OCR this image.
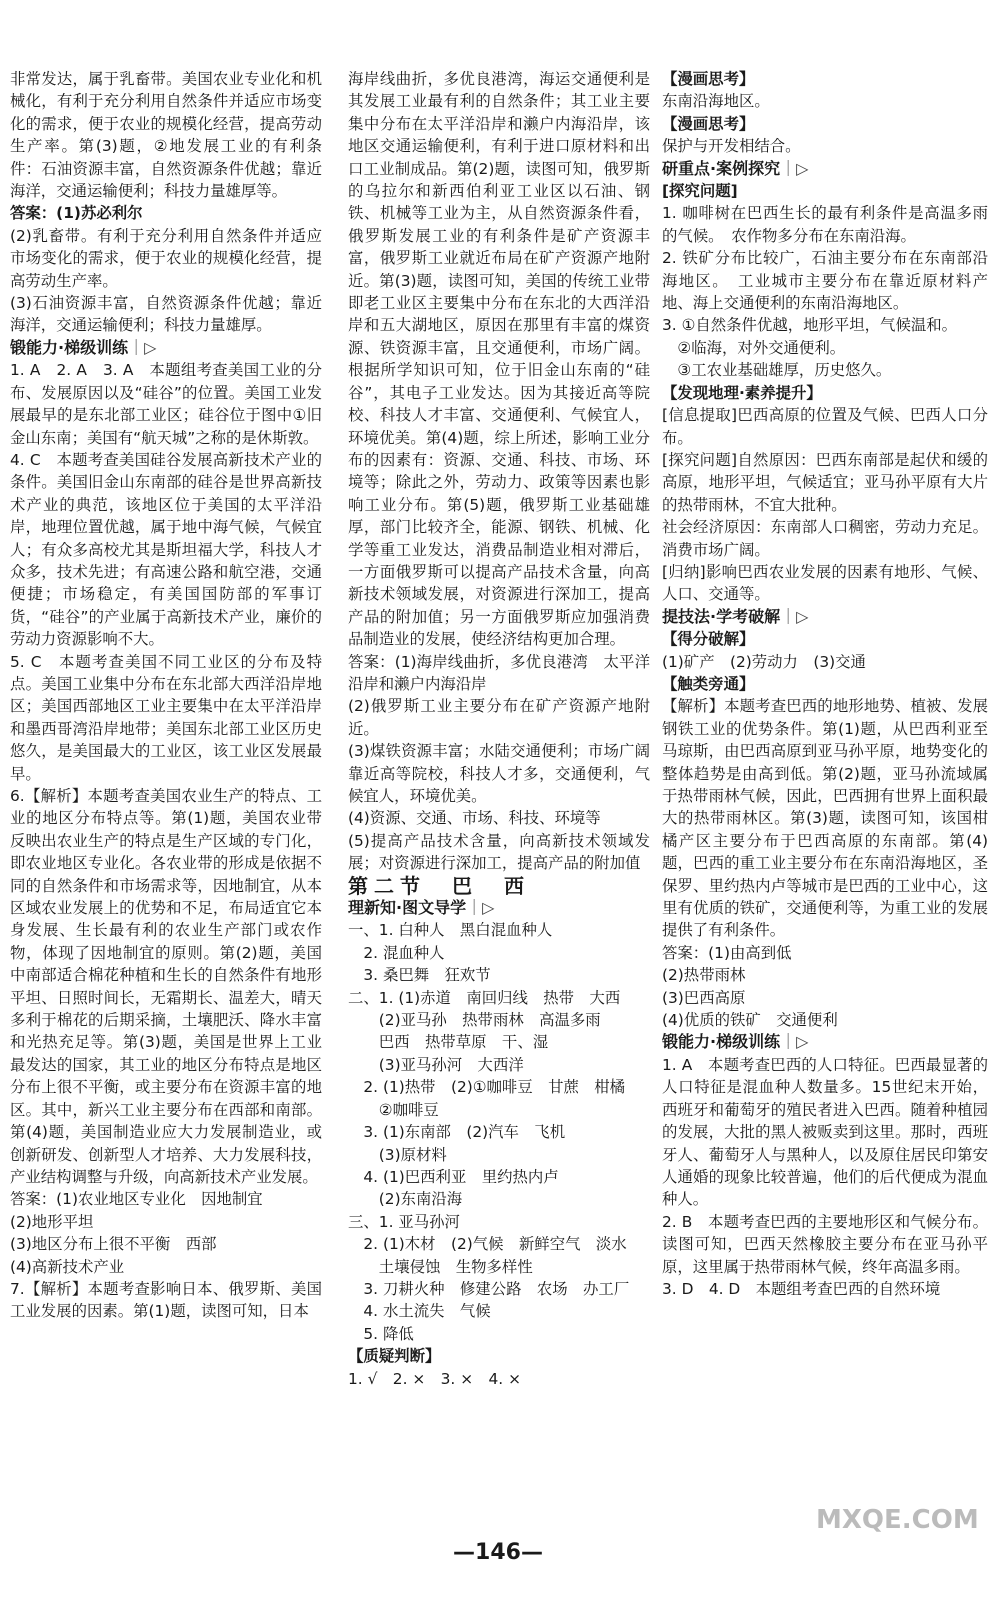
非常发达，属于乳畜带。美国农业专业化和机械化，有利于充分利用自然条件并适应市场变化的需求，便于农业的规模化经营，提高劳动生产率。第(3)题，②地发展工业的有利条件：石油资源丰富，自然资源条件优越；靠近海洋，交通运输便利；科技力量雄厚等。

答案：(1)苏必利尔

(2)乳畜带。有利于充分利用自然条件并适应市场变化的需求，便于农业的规模化经营，提高劳动生产率。

(3)石油资源丰富，自然资源条件优越；靠近海洋，交通运输便利；科技力量雄厚。

锻能力·梯级训练｜▷

1. A　2. A　3. A　本题组考查美国工业的分布、发展原因以及“硅谷”的位置。美国工业发展最早的是东北部工业区；硅谷位于图中①旧金山东南；美国有“航天城”之称的是休斯敦。

4. C　本题考查美国硅谷发展高新技术产业的条件。美国旧金山东南部的硅谷是世界高新技术产业的典范，该地区位于美国的太平洋沿岸，地理位置优越，属于地中海气候，气候宜人；有众多高校尤其是斯坦福大学，科技人才众多，技术先进；有高速公路和航空港，交通便捷；市场稳定，有美国国防部的军事订货，“硅谷”的产业属于高新技术产业，廉价的劳动力资源影响不大。

5. C　本题考查美国不同工业区的分布及特点。美国工业集中分布在东北部大西洋沿岸地区；美国西部地区工业主要集中在太平洋沿岸和墨西哥湾沿岸地带；美国东北部工业区历史悠久，是美国最大的工业区，该工业区发展最早。

6.【解析】本题考查美国农业生产的特点、工业的地区分布特点等。第(1)题，美国农业带反映出农业生产的特点是生产区域的专门化，即农业地区专业化。各农业带的形成是依据不同的自然条件和市场需求等，因地制宜，从本区域农业发展上的优势和不足，布局适宜它本身发展、生长最有利的农业生产部门或农作物，体现了因地制宜的原则。第(2)题，美国中南部适合棉花种植和生长的自然条件有地形平坦、日照时间长，无霜期长、温差大，晴天多利于棉花的后期采摘，土壤肥沃、降水丰富和光热充足等。第(3)题，美国是世界上工业最发达的国家，其工业的地区分布特点是地区分布上很不平衡，或主要分布在资源丰富的地区。其中，新兴工业主要分布在西部和南部。第(4)题，美国制造业应大力发展制造业，或创新研发、创新型人才培养、大力发展科技，产业结构调整与升级，向高新技术产业发展。

答案：(1)农业地区专业化　因地制宜

(2)地形平坦

(3)地区分布上很不平衡　西部

(4)高新技术产业

7.【解析】本题考查影响日本、俄罗斯、美国工业发展的因素。第(1)题，读图可知，日本

海岸线曲折，多优良港湾，海运交通便利是其发展工业最有利的自然条件；其工业主要集中分布在太平洋沿岸和濑户内海沿岸，该地区交通运输便利，有利于进口原材料和出口工业制成品。第(2)题，读图可知，俄罗斯的乌拉尔和新西伯利亚工业区以石油、钢铁、机械等工业为主，从自然资源条件看，俄罗斯发展工业的有利条件是矿产资源丰富，俄罗斯工业就近布局在矿产资源产地附近。第(3)题，读图可知，美国的传统工业带即老工业区主要集中分布在东北的大西洋沿岸和五大湖地区，原因在那里有丰富的煤资源、铁资源丰富，且交通便利，市场广阔。根据所学知识可知，位于旧金山东南的“硅谷”，其电子工业发达。因为其接近高等院校、科技人才丰富、交通便利、气候宜人，环境优美。第(4)题，综上所述，影响工业分布的因素有：资源、交通、科技、市场、环境等；除此之外，劳动力、政策等因素也影响工业分布。第(5)题，俄罗斯工业基础雄厚，部门比较齐全，能源、钢铁、机械、化学等重工业发达，消费品制造业相对滞后，一方面俄罗斯可以提高产品技术含量，向高新技术领域发展，对资源进行深加工，提高产品的附加值；另一方面俄罗斯应加强消费品制造业的发展，使经济结构更加合理。

答案：(1)海岸线曲折，多优良港湾　太平洋沿岸和濑户内海沿岸

(2)俄罗斯工业主要分布在矿产资源产地附近。

(3)煤铁资源丰富；水陆交通便利；市场广阔　靠近高等院校，科技人才多，交通便利，气候宜人，环境优美。

(4)资源、交通、市场、科技、环境等

(5)提高产品技术含量，向高新技术领域发展；对资源进行深加工，提高产品的附加值

第二节　巴　西

理新知·图文导学｜▷

一、1. 白种人　黑白混血种人

2. 混血种人

3. 桑巴舞　狂欢节

二、1. (1)赤道　南回归线　热带　大西

(2)亚马孙　热带雨林　高温多雨

巴西　热带草原　干、湿

(3)亚马孙河　大西洋

2. (1)热带　(2)①咖啡豆　甘蔗　柑橘

②咖啡豆

3. (1)东南部　(2)汽车　飞机

(3)原材料

4. (1)巴西利亚　里约热内卢

(2)东南沿海

三、1. 亚马孙河

2. (1)木材　(2)气候　新鲜空气　淡水

土壤侵蚀　生物多样性

3. 刀耕火种　修建公路　农场　办工厂

4. 水土流失　气候

5. 降低

【质疑判断】

1. √　2. ×　3. ×　4. ×

【漫画思考】

东南沿海地区。

【漫画思考】

保护与开发相结合。

研重点·案例探究｜▷

[探究问题]

1. 咖啡树在巴西生长的最有利条件是高温多雨的气候。　农作物多分布在东南沿海。

2. 铁矿分布比较广，石油主要分布在东南部沿海地区。　工业城市主要分布在靠近原材料产地、海上交通便利的东南沿海地区。

3. ①自然条件优越，地形平坦，气候温和。

②临海，对外交通便利。

③工农业基础雄厚，历史悠久。

【发现地理·素养提升】

[信息提取]巴西高原的位置及气候、巴西人口分布。

[探究问题]自然原因：巴西东南部是起伏和缓的高原，地形平坦，气候适宜；亚马孙平原有大片的热带雨林，不宜大批种。

社会经济原因：东南部人口稠密，劳动力充足。消费市场广阔。

[归纳]影响巴西农业发展的因素有地形、气候、人口、交通等。

提技法·学考破解｜▷

【得分破解】

(1)矿产　(2)劳动力　(3)交通

【触类旁通】

【解析】本题考查巴西的地形地势、植被、发展钢铁工业的优势条件。第(1)题，从巴西利亚至马琼斯，由巴西高原到亚马孙平原，地势变化的整体趋势是由高到低。第(2)题，亚马孙流域属于热带雨林气候，因此，巴西拥有世界上面积最大的热带雨林区。第(3)题，读图可知，该国柑橘产区主要分布于巴西高原的东南部。第(4)题，巴西的重工业主要分布在东南沿海地区，圣保罗、里约热内卢等城市是巴西的工业中心，这里有优质的铁矿，交通便利等，为重工业的发展提供了有利条件。

答案：(1)由高到低

(2)热带雨林

(3)巴西高原

(4)优质的铁矿　交通便利

锻能力·梯级训练｜▷

1. A　本题考查巴西的人口特征。巴西最显著的人口特征是混血种人数量多。15世纪末开始，西班牙和葡萄牙的殖民者进入巴西。随着种植园的发展，大批的黑人被贩卖到这里。那时，西班牙人、葡萄牙人与黑种人，以及原住居民印第安人通婚的现象比较普遍，他们的后代便成为混血种人。

2. B　本题考查巴西的主要地形区和气候分布。读图可知，巴西天然橡胶主要分布在亚马孙平原，这里属于热带雨林气候，终年高温多雨。

3. D　4. D　本题组考查巴西的自然环境

—146—
MXQE.COM
